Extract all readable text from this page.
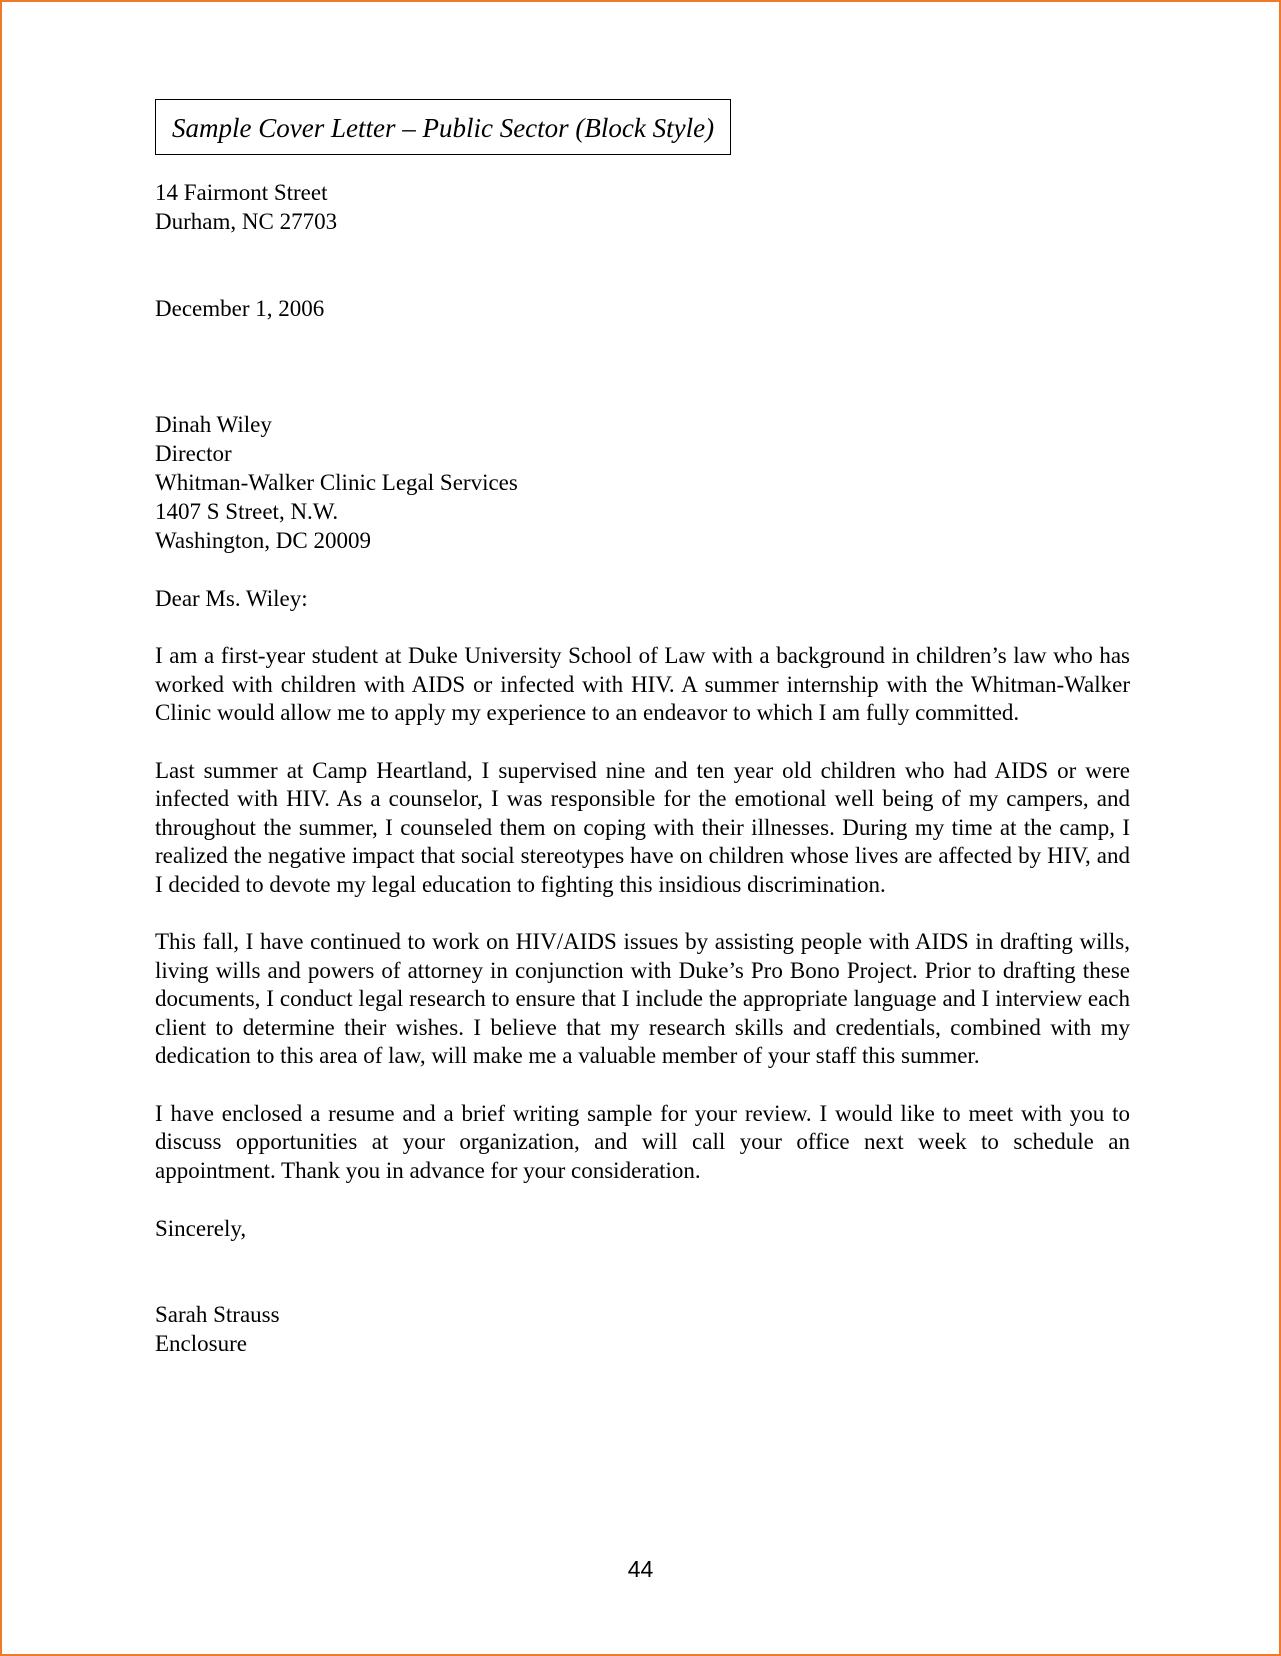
Sample Cover Letter – Public Sector (Block Style)
14 Fairmont Street
Durham, NC 27703
December 1, 2006
Dinah Wiley
Director
Whitman-Walker Clinic Legal Services
1407 S Street, N.W.
Washington, DC 20009
Dear Ms. Wiley:

I am a first-year student at Duke University School of Law with a background in children’s law who has worked with children with AIDS or infected with HIV. A summer internship with the Whitman-Walker Clinic would allow me to apply my experience to an endeavor to which I am fully committed.

Last summer at Camp Heartland, I supervised nine and ten year old children who had AIDS or were infected with HIV. As a counselor, I was responsible for the emotional well being of my campers, and throughout the summer, I counseled them on coping with their illnesses. During my time at the camp, I realized the negative impact that social stereotypes have on children whose lives are affected by HIV, and I decided to devote my legal education to fighting this insidious discrimination.

This fall, I have continued to work on HIV/AIDS issues by assisting people with AIDS in drafting wills, living wills and powers of attorney in conjunction with Duke’s Pro Bono Project. Prior to drafting these documents, I conduct legal research to ensure that I include the appropriate language and I interview each client to determine their wishes. I believe that my research skills and credentials, combined with my dedication to this area of law, will make me a valuable member of your staff this summer.

I have enclosed a resume and a brief writing sample for your review. I would like to meet with you to discuss opportunities at your organization, and will call your office next week to schedule an appointment. Thank you in advance for your consideration.

Sincerely,
Sarah Strauss
Enclosure
44
